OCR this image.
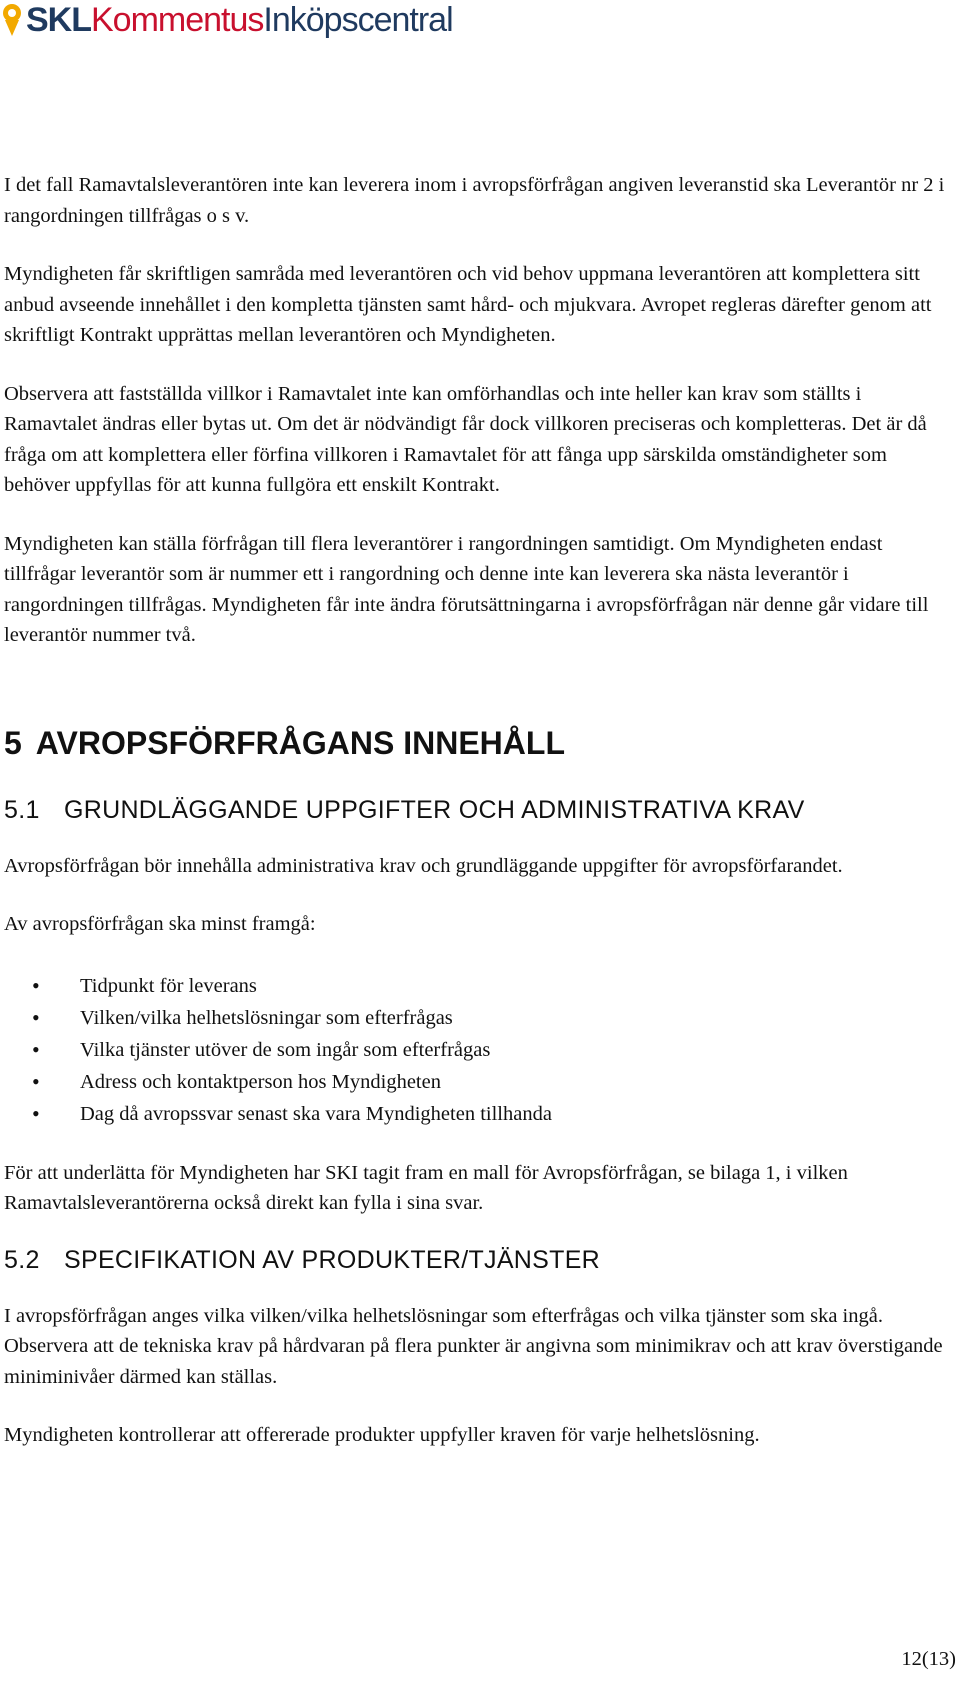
SKLKommentusInköpscentral

I det fall Ramavtalsleverantören inte kan leverera inom i avropsförfrågan angiven leveranstid ska Leverantör nr 2 i rangordningen tillfrågas o s v.

Myndigheten får skriftligen samråda med leverantören och vid behov uppmana leverantören att komplettera sitt anbud avseende innehållet i den kompletta tjänsten samt hård- och mjukvara. Avropet regleras därefter genom att skriftligt Kontrakt upprättas mellan leverantören och Myndigheten.

Observera att fastställda villkor i Ramavtalet inte kan omförhandlas och inte heller kan krav som ställts i Ramavtalet ändras eller bytas ut. Om det är nödvändigt får dock villkoren preciseras och kompletteras. Det är då fråga om att komplettera eller förfina villkoren i Ramavtalet för att fånga upp särskilda omständigheter som behöver uppfyllas för att kunna fullgöra ett enskilt Kontrakt.

Myndigheten kan ställa förfrågan till flera leverantörer i rangordningen samtidigt. Om Myndigheten endast tillfrågar leverantör som är nummer ett i rangordning och denne inte kan leverera ska nästa leverantör i rangordningen tillfrågas. Myndigheten får inte ändra förutsättningarna i avropsförfrågan när denne går vidare till leverantör nummer två.

5 AVROPSFÖRFRÅGANS INNEHÅLL
5.1 GRUNDLÄGGANDE UPPGIFTER OCH ADMINISTRATIVA KRAV

Avropsförfrågan bör innehålla administrativa krav och grundläggande uppgifter för avropsförfarandet.

Av avropsförfrågan ska minst framgå:

• Tidpunkt för leverans
• Vilken/vilka helhetslösningar som efterfrågas
• Vilka tjänster utöver de som ingår som efterfrågas
• Adress och kontaktperson hos Myndigheten
• Dag då avropssvar senast ska vara Myndigheten tillhanda

För att underlätta för Myndigheten har SKI tagit fram en mall för Avropsförfrågan, se bilaga 1, i vilken Ramavtalsleverantörerna också direkt kan fylla i sina svar.

5.2 SPECIFIKATION AV PRODUKTER/TJÄNSTER

I avropsförfrågan anges vilka vilken/vilka helhetslösningar som efterfrågas och vilka tjänster som ska ingå. Observera att de tekniska krav på hårdvaran på flera punkter är angivna som minimikrav och att krav överstigande miniminivåer därmed kan ställas.

Myndigheten kontrollerar att offererade produkter uppfyller kraven för varje helhetslösning.

12(13)
